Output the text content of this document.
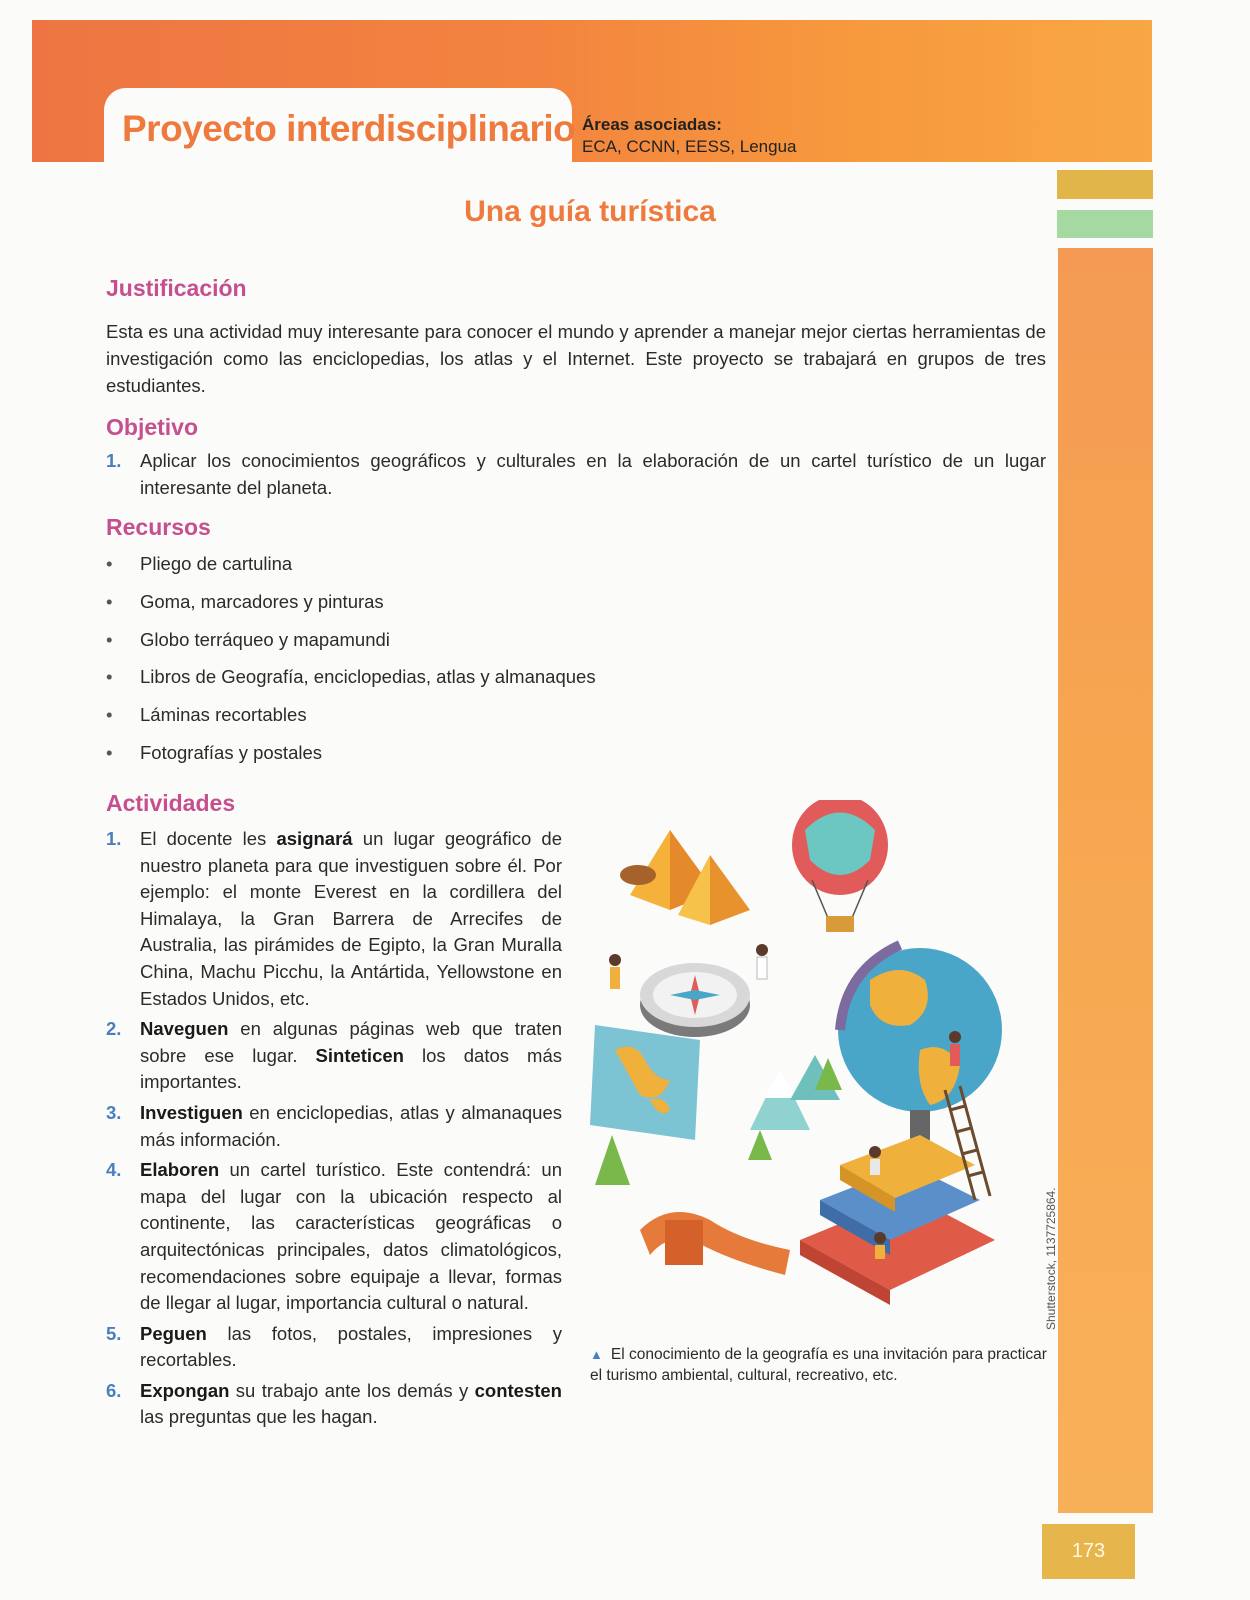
Proyecto interdisciplinario Áreas asociadas:
ECA, CCNN, EESS, Lengua
173
Una guía turística
Justificación

Esta es una actividad muy interesante para conocer el mundo y aprender a manejar mejor ciertas herramientas de investigación como las enciclopedias, los atlas y el Internet. Este proyecto se trabajará en grupos de tres estudiantes.

Objetivo
1. Aplicar los conocimientos geográficos y culturales en la elaboración de un cartel turístico de un lugar interesante del planeta.
Recursos
• Pliego de cartulina
• Goma, marcadores y pinturas
• Globo terráqueo y mapamundi
• Libros de Geografía, enciclopedias, atlas y almanaques
• Láminas recortables
• Fotografías y postales
Actividades
1. El docente les asignará un lugar geográfico de nuestro planeta para que investiguen sobre él. Por ejemplo: el monte Everest en la cordillera del Himalaya, la Gran Barrera de Arrecifes de Australia, las pirámides de Egipto, la Gran Muralla China, Machu Picchu, la Antártida, Yellowstone en Estados Unidos, etc.
2. Naveguen en algunas páginas web que traten sobre ese lugar. Sinteticen los datos más importantes.
3. Investiguen en enciclopedias, atlas y almanaques más información.
4. Elaboren un cartel turístico. Este contendrá: un mapa del lugar con la ubicación respecto al continente, las características geográficas o arquitectónicas principales, datos climatológicos, recomendaciones sobre equipaje a llevar, formas de llegar al lugar, importancia cultural o natural.
5. Peguen las fotos, postales, impresiones y recortables.
6. Expongan su trabajo ante los demás y contesten las preguntas que les hagan.
▲ El conocimiento de la geografía es una invitación para practicar el turismo ambiental, cultural, recreativo, etc.
Shutterstock, 1137725864.
